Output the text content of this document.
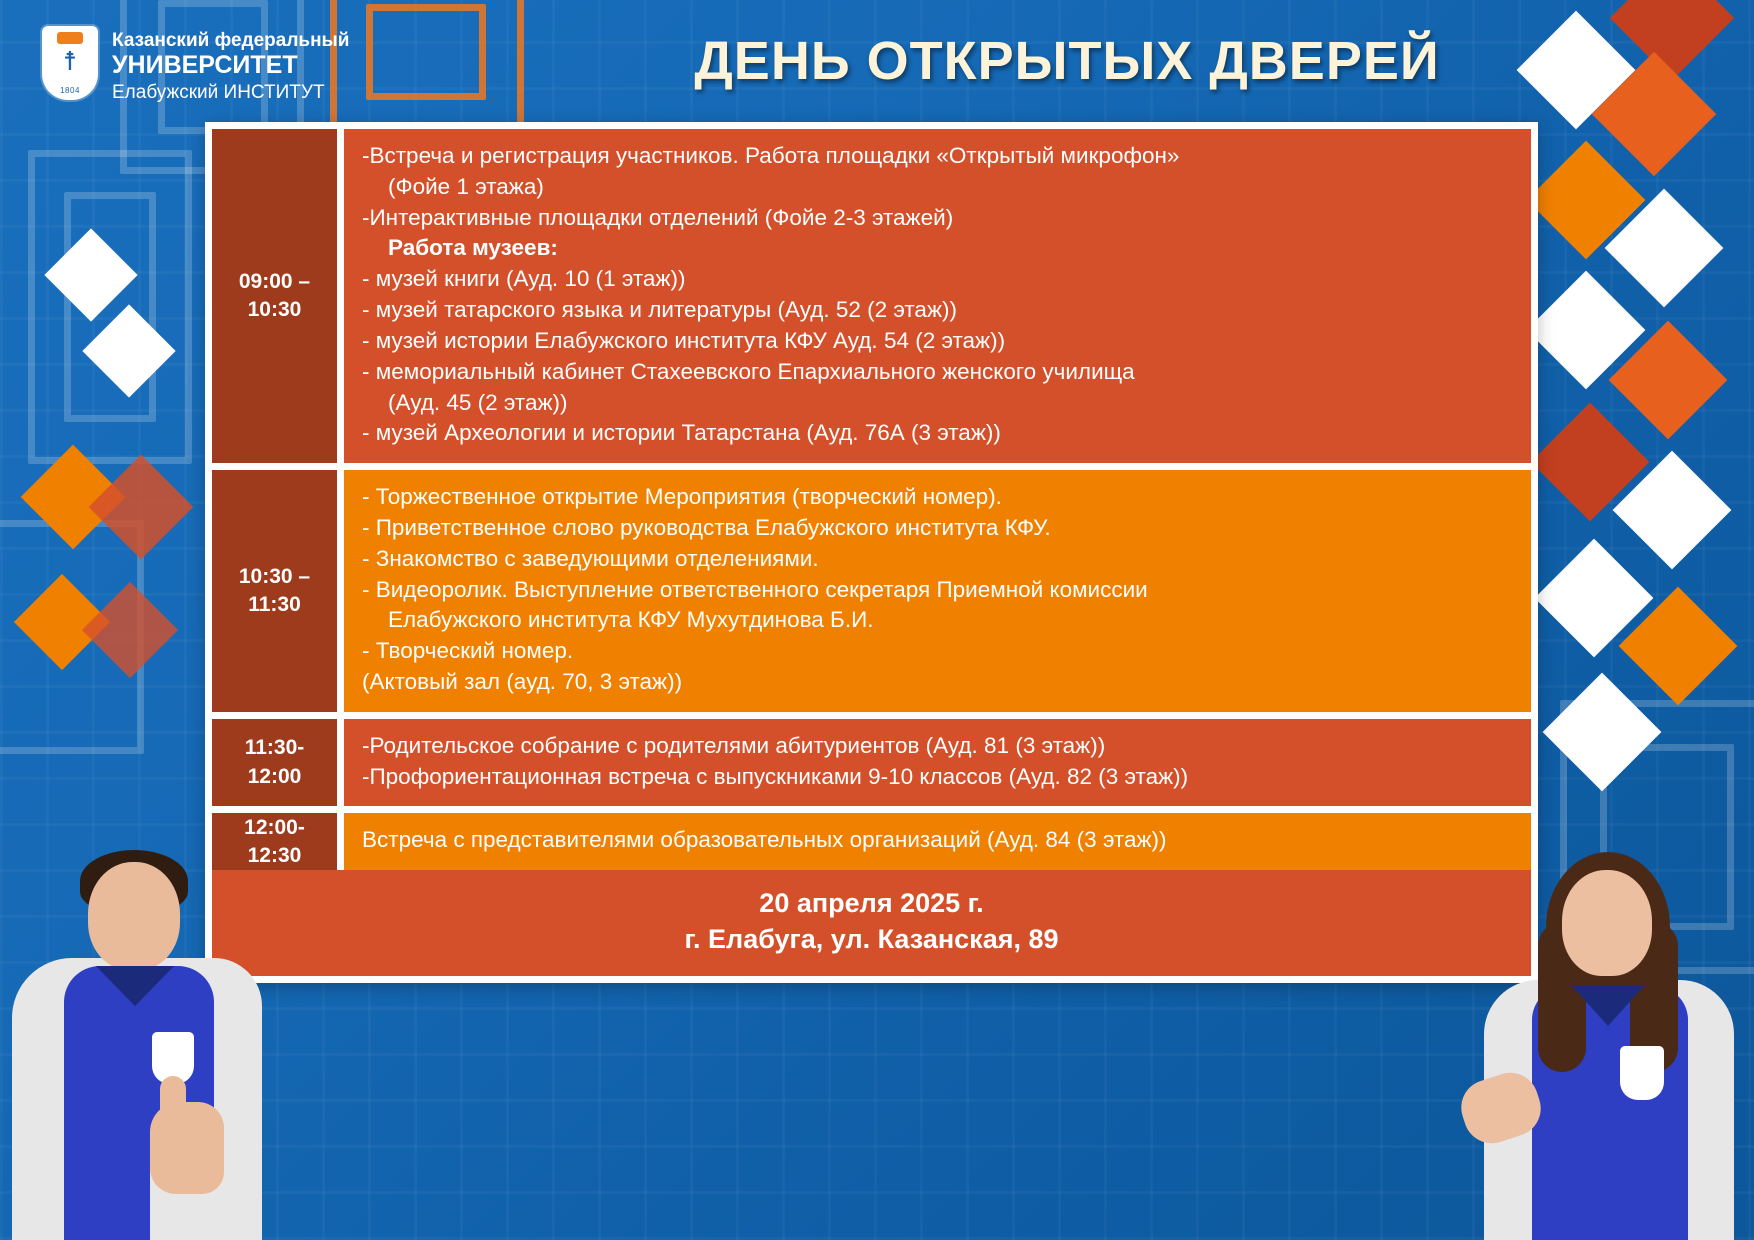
☨
1804
Казанский федеральный
УНИВЕРСИТЕТ
Елабужский ИНСТИТУТ
ДЕНЬ ОТКРЫТЫХ ДВЕРЕЙ
09:00 –
10:30
-Встреча и регистрация участников. Работа площадки «Открытый микрофон»
(Фойе 1 этажа)
-Интерактивные площадки отделений (Фойе 2-3 этажей)
Работа музеев:
- музей книги (Ауд. 10 (1 этаж))
- музей татарского языка и литературы (Ауд. 52 (2 этаж))
- музей истории Елабужского института КФУ Ауд. 54 (2 этаж))
- мемориальный кабинет Стахеевского Епархиального женского училища
(Ауд. 45 (2 этаж))
- музей Археологии и истории Татарстана (Ауд. 76А (3 этаж))
10:30 –
11:30
- Торжественное открытие Мероприятия (творческий номер).
- Приветственное слово руководства Елабужского института КФУ.
- Знакомство с заведующими отделениями.
- Видеоролик. Выступление ответственного секретаря Приемной комиссии
Елабужского института КФУ Мухутдинова Б.И.
- Творческий номер.
(Актовый зал (ауд. 70, 3 этаж))
11:30-
12:00
-Родительское собрание с родителями абитуриентов (Ауд. 81 (3 этаж))
-Профориентационная встреча с выпускниками 9-10 классов (Ауд. 82 (3 этаж))
12:00-
12:30
Встреча с представителями образовательных организаций (Ауд. 84 (3 этаж))
20 апреля 2025 г.
г. Елабуга, ул. Казанская, 89
